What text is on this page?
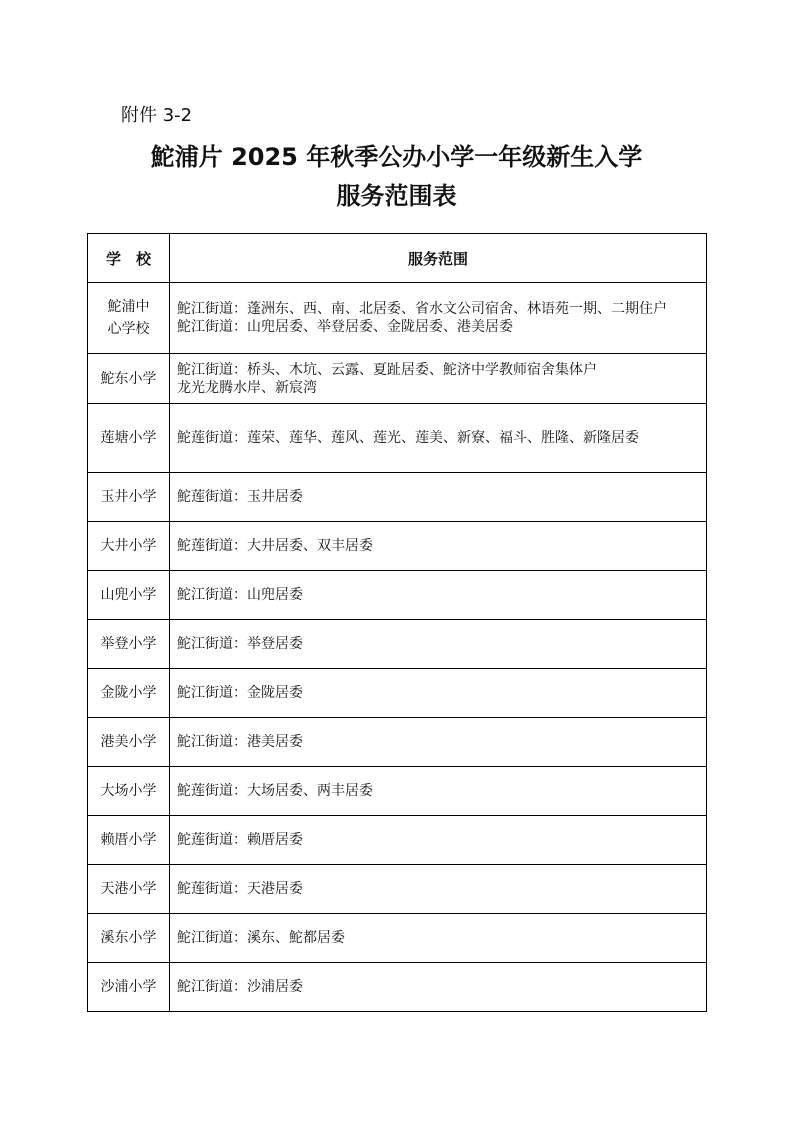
附件 3-2
鮀浦片 2025 年秋季公办小学一年级新生入学
服务范围表
学　校	服务范围
鮀浦中心学校	鮀江街道：蓬洲东、西、南、北居委、省水文公司宿舍、林语苑一期、二期住户
鮀江街道：山兜居委、举登居委、金陇居委、港美居委

鮀东小学	鮀江街道：桥头、木坑、云露、夏趾居委、鮀济中学教师宿舍集体户
龙光龙腾水岸、新宸湾

莲塘小学	鮀莲街道：莲荣、莲华、莲风、莲光、莲美、新寮、福斗、胜隆、新隆居委

玉井小学	鮀莲街道：玉井居委

大井小学	鮀莲街道：大井居委、双丰居委

山兜小学	鮀江街道：山兜居委

举登小学	鮀江街道：举登居委

金陇小学	鮀江街道：金陇居委

港美小学	鮀江街道：港美居委

大场小学	鮀莲街道：大场居委、两丰居委

赖厝小学	鮀莲街道：赖厝居委

天港小学	鮀莲街道：天港居委

溪东小学	鮀江街道：溪东、鮀都居委

沙浦小学	鮀江街道：沙浦居委
